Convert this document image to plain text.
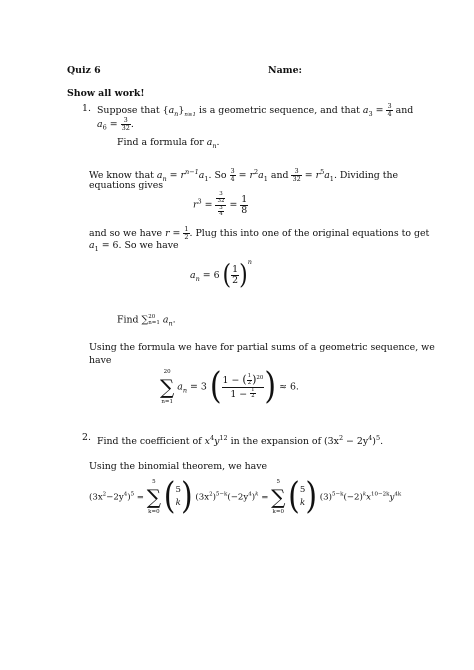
Quiz 6	Name:
Show all work!
1. Suppose that $\{a_n\}_{n\ge 1}$ is a geometric sequence, and that $a_3 = \frac{3}{4}$ and
$a_6 = \frac{3}{32}$ .
Find a formula for $a_n$.
We know that $a_n = r^{n-1}a_1$. So $\frac{3}{4} = r^2a_1$ and $\frac{3}{32} = r^5a_1$. Dividing the
equations gives
$r^3 = \frac{\frac{3}{32}}{\frac{3}{4}} = \frac{1}{8}$
and so we have $r = \frac{1}{2}$ . Plug this into one of the original equations to get
$a_1 = 6$. So we have
$a_n = 6$ ( $\frac{1}{2} )^n$
Find ∑ 20
n=1 $a_n$.
Using the formula we have for partial sums of a geometric sequence, we
have
20
∑
n=1
$a_n = 3$ ( $\frac{1 - ( \frac{1}{2} )^{20}}{1 - \frac{1}{2}}$ ) ≈ 6.
2. Find the coefficient of $x^4y^{12}$ in the expansion of $(3x^2 - 2y^4)^5$.
Using the binomial theorem, we have
$(3x^2-2y^4)^5$ =
5
∑
k=0 ( 5
k ) $(3x^2)^{5-k}(-2y^4)^k$ =
5
∑
k=0 ( 5
k ) $(3)^{5-k}(-2)^kx^{10-2k}y^{4k}$
